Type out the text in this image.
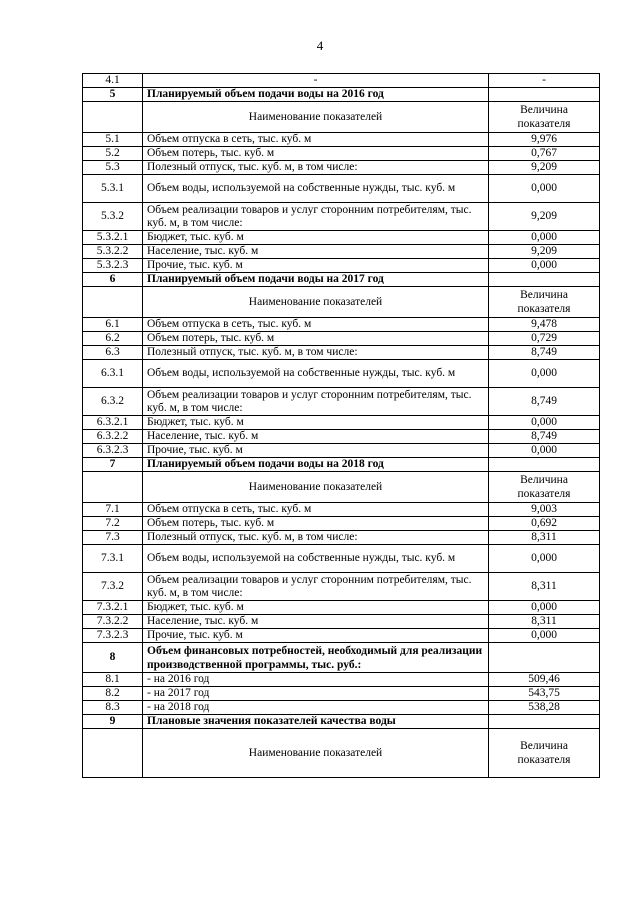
4
4.1	-	-
5	Планируемый объем подачи воды на 2016 год	
	Наименование показателей	Величина показателя
5.1	Объем отпуска в сеть, тыс. куб. м	9,976
5.2	Объем потерь, тыс. куб. м	0,767
5.3	Полезный отпуск, тыс. куб. м, в том числе:	9,209
5.3.1	Объем воды, используемой на собственные нужды, тыс. куб. м	0,000
5.3.2	Объем реализации товаров и услуг сторонним потребителям, тыс. куб. м, в том числе:	9,209
5.3.2.1	Бюджет, тыс. куб. м	0,000
5.3.2.2	Население, тыс. куб. м	9,209
5.3.2.3	Прочие, тыс. куб. м	0,000
6	Планируемый объем подачи воды на 2017 год	
	Наименование показателей	Величина показателя
6.1	Объем отпуска в сеть, тыс. куб. м	9,478
6.2	Объем потерь, тыс. куб. м	0,729
6.3	Полезный отпуск, тыс. куб. м, в том числе:	8,749
6.3.1	Объем воды, используемой на собственные нужды, тыс. куб. м	0,000
6.3.2	Объем реализации товаров и услуг сторонним потребителям, тыс. куб. м, в том числе:	8,749
6.3.2.1	Бюджет, тыс. куб. м	0,000
6.3.2.2	Население, тыс. куб. м	8,749
6.3.2.3	Прочие, тыс. куб. м	0,000
7	Планируемый объем подачи воды на 2018 год	
	Наименование показателей	Величина показателя
7.1	Объем отпуска в сеть, тыс. куб. м	9,003
7.2	Объем потерь, тыс. куб. м	0,692
7.3	Полезный отпуск, тыс. куб. м, в том числе:	8,311
7.3.1	Объем воды, используемой на собственные нужды, тыс. куб. м	0,000
7.3.2	Объем реализации товаров и услуг сторонним потребителям, тыс. куб. м, в том числе:	8,311
7.3.2.1	Бюджет, тыс. куб. м	0,000
7.3.2.2	Население, тыс. куб. м	8,311
7.3.2.3	Прочие, тыс. куб. м	0,000
8	Объем финансовых потребностей, необходимый для реализации производственной программы, тыс. руб.:	
8.1	- на 2016 год	509,46
8.2	- на 2017 год	543,75
8.3	- на 2018 год	538,28
9	Плановые значения показателей качества воды	
	Наименование показателей	Величина показателя
